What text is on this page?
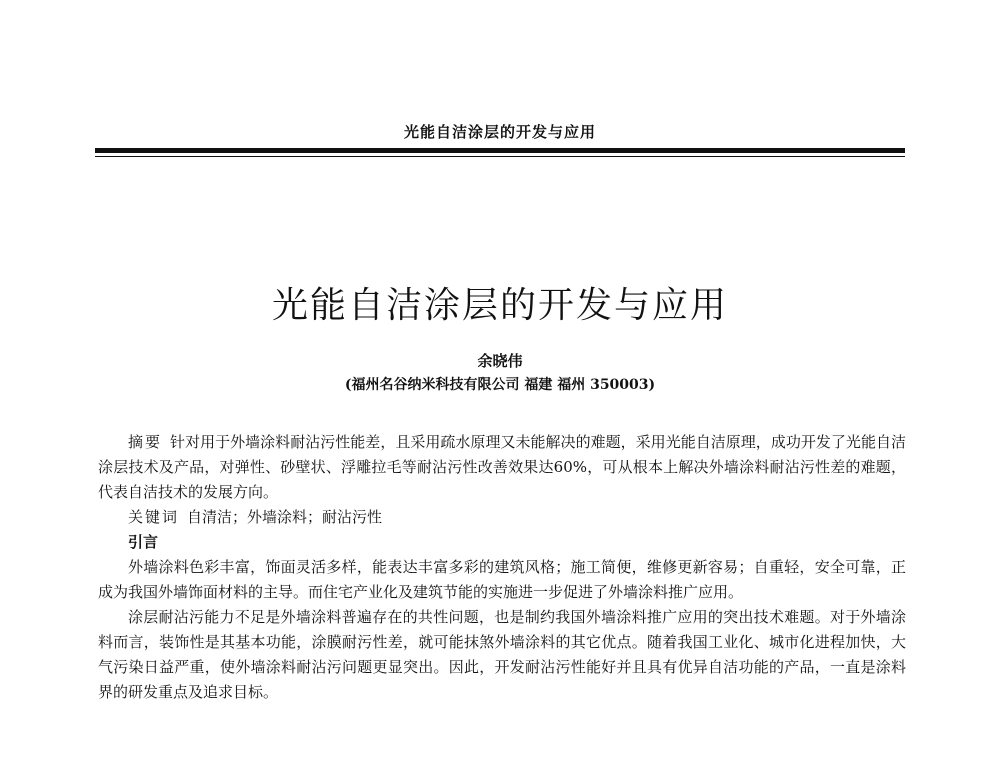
光能自洁涂层的开发与应用
光能自洁涂层的开发与应用
余晓伟
(福州名谷纳米科技有限公司 福建 福州 350003)

摘要 针对用于外墙涂料耐沾污性能差，且采用疏水原理又未能解决的难题，采用光能自洁原理，成功开发了光能自洁涂层技术及产品，对弹性、砂壁状、浮雕拉毛等耐沾污性改善效果达60%，可从根本上解决外墙涂料耐沾污性差的难题，代表自洁技术的发展方向。

关键词 自清洁；外墙涂料；耐沾污性

引言

外墙涂料色彩丰富，饰面灵活多样，能表达丰富多彩的建筑风格；施工简便，维修更新容易；自重轻，安全可靠，正成为我国外墙饰面材料的主导。而住宅产业化及建筑节能的实施进一步促进了外墙涂料推广应用。

涂层耐沾污能力不足是外墙涂料普遍存在的共性问题，也是制约我国外墙涂料推广应用的突出技术难题。对于外墙涂料而言，装饰性是其基本功能，涂膜耐污性差，就可能抹煞外墙涂料的其它优点。随着我国工业化、城市化进程加快，大气污染日益严重，使外墙涂料耐沾污问题更显突出。因此，开发耐沾污性能好并且具有优异自洁功能的产品，一直是涂料界的研发重点及追求目标。
